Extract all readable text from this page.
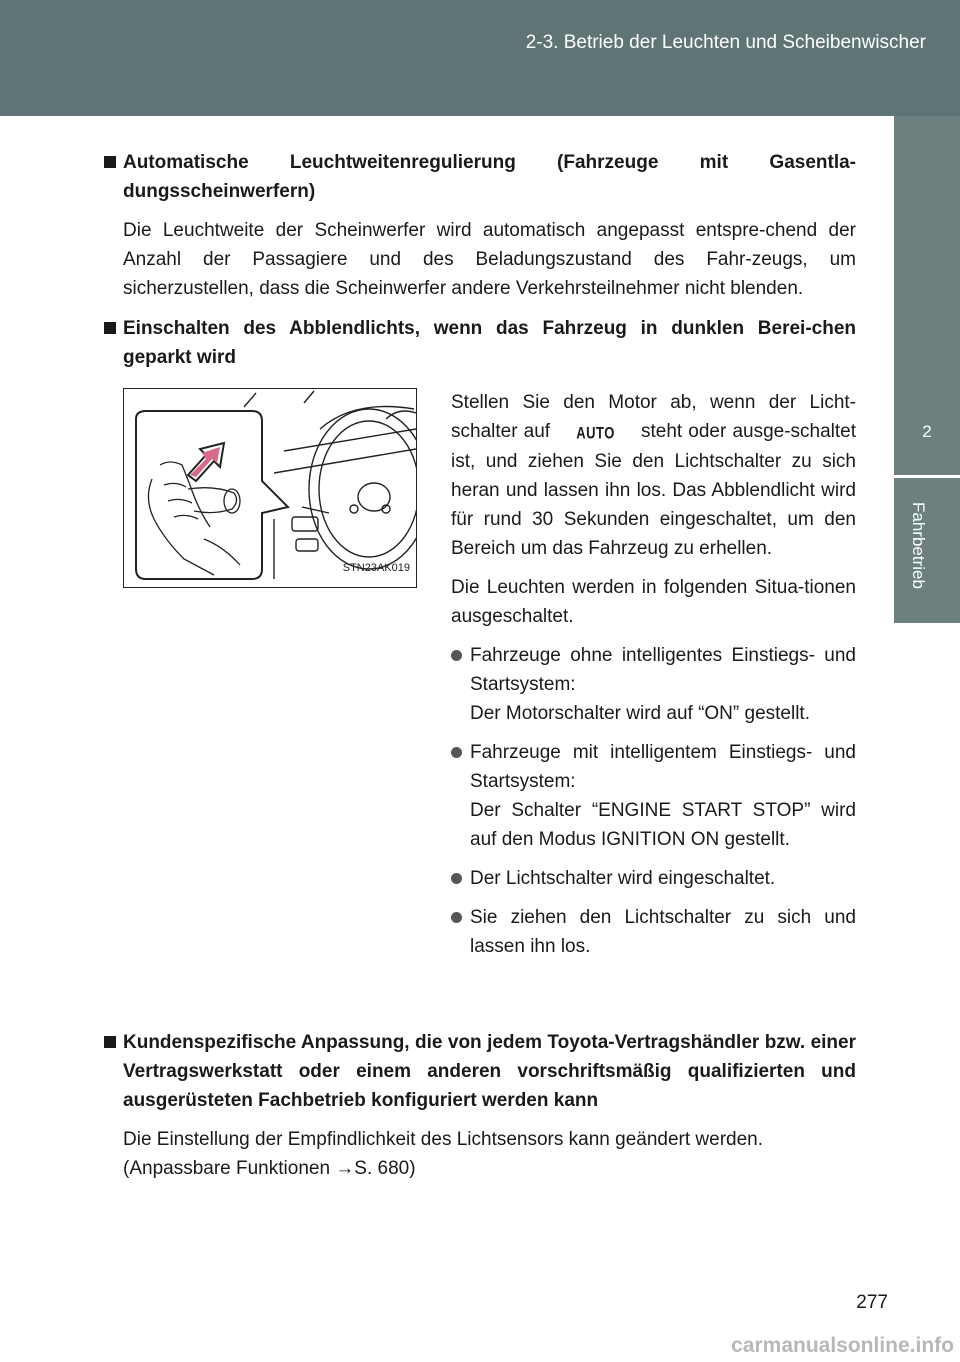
2-3. Betrieb der Leuchten und Scheibenwischer
2
Fahrbetrieb
Automatische Leuchtweitenregulierung (Fahrzeuge mit Gasentla-dungsscheinwerfern)
Die Leuchtweite der Scheinwerfer wird automatisch angepasst entspre-chend der Anzahl der Passagiere und des Beladungszustand des Fahr-zeugs, um sicherzustellen, dass die Scheinwerfer andere Verkehrsteilnehmer nicht blenden.
Einschalten des Abblendlichts, wenn das Fahrzeug in dunklen Berei-chen geparkt wird
STN23AK019

Stellen Sie den Motor ab, wenn der Licht-schalter auf AUTO steht oder ausge-schaltet ist, und ziehen Sie den Lichtschalter zu sich heran und lassen ihn los. Das Abblendlicht wird für rund 30 Sekunden eingeschaltet, um den Bereich um das Fahrzeug zu erhellen.

Die Leuchten werden in folgenden Situa-tionen ausgeschaltet.

Fahrzeuge ohne intelligentes Einstiegs- und Startsystem:
Der Motorschalter wird auf “ON” gestellt.
Fahrzeuge mit intelligentem Einstiegs- und Startsystem:
Der Schalter “ENGINE START STOP” wird auf den Modus IGNITION ON gestellt.
Der Lichtschalter wird eingeschaltet.
Sie ziehen den Lichtschalter zu sich und lassen ihn los.
Kundenspezifische Anpassung, die von jedem Toyota-Vertragshändler bzw. einer Vertragswerkstatt oder einem anderen vorschriftsmäßig qualifizierten und ausgerüsteten Fachbetrieb konfiguriert werden kann
Die Einstellung der Empfindlichkeit des Lichtsensors kann geändert werden.
(Anpassbare Funktionen →S. 680)
277
carmanualsonline.info
